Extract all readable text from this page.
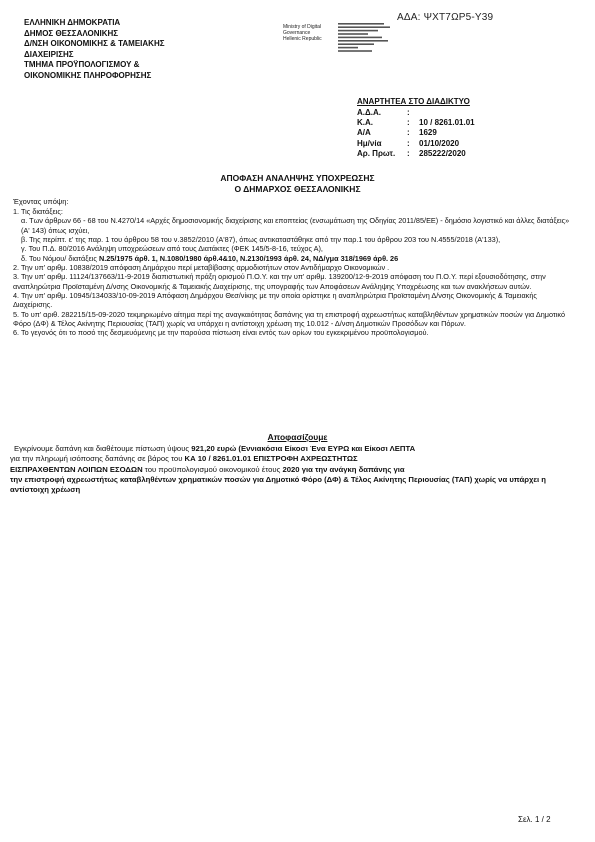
ΑΔΑ: ΨΧΤ7ΩΡ5-Υ39
ΕΛΛΗΝΙΚΗ ΔΗΜΟΚΡΑΤΙΑ
ΔΗΜΟΣ ΘΕΣΣΑΛΟΝΙΚΗΣ
Δ/ΝΣΗ ΟΙΚΟΝΟΜΙΚΗΣ & ΤΑΜΕΙΑΚΗΣ
ΔΙΑΧΕΙΡΙΣΗΣ
ΤΜΗΜΑ ΠΡΟΫΠΟΛΟΓΙΣΜΟΥ &
ΟΙΚΟΝΟΜΙΚΗΣ ΠΛΗΡΟΦΟΡΗΣΗΣ
Ministry of Digital
Governance
Hellenic Republic
ΑΝΑΡΤΗΤΕΑ ΣΤΟ ΔΙΑΔΙΚΤΥΟ
Α.Δ.Α.	:
Κ.Α.	:	10 / 8261.01.01
Α/Α	:	1629
Ημ/νία	:	01/10/2020
Αρ. Πρωτ.	:	285222/2020
ΑΠΟΦΑΣΗ ΑΝΑΛΗΨΗΣ ΥΠΟΧΡΕΩΣΗΣ
Ο ΔΗΜΑΡΧΟΣ ΘΕΣΣΑΛΟΝΙΚΗΣ
Έχοντας υπόψη:

1. Τις διατάξεις:

α. Των άρθρων 66 - 68 του Ν.4270/14 «Αρχές δημοσιονομικής διαχείρισης και εποπτείας (ενσωμάτωση της Οδηγίας 2011/85/ΕΕ) - δημόσιο λογιστικό και άλλες διατάξεις» (Α' 143) όπως ισχύει,

β. Της περίπτ. ε' της παρ. 1 του άρθρου 58 του ν.3852/2010 (Α'87), όπως αντικαταστάθηκε από την παρ.1 του άρθρου 203 του Ν.4555/2018 (Α'133),

γ. Του Π.Δ. 80/2016 Ανάληψη υποχρεώσεων από τους Διατάκτες (ΦΕΚ 145/5-8-16, τεύχος Α),

δ. Του Νόμου/ διατάξεις Ν.25/1975 άρθ. 1, Ν.1080/1980 άρθ.4&10, Ν.2130/1993 άρθ. 24, ΝΔ/γμα 318/1969 άρθ. 26

2. Την υπ' αριθμ. 10838/2019 απόφαση Δημάρχου περί μεταβίβασης αρμοδιοτήτων στον Αντιδήμαρχο Οικονομικών .

3. Την υπ' αριθμ. 11124/137663/11-9-2019 διαπιστωτική πράξη ορισμού Π.Ο.Υ. και την υπ' αριθμ. 139200/12-9-2019 απόφαση του Π.Ο.Υ. περί εξουσιοδότησης, στην αναπληρώτρια Προϊσταμένη Δ/νσης Οικονομικής & Ταμειακής Διαχείρισης, της υπογραφής των Αποφάσεων Ανάληψης Υποχρέωσης και των ανακλήσεων αυτών.

4. Την υπ' αριθμ. 10945/134033/10-09-2019 Απόφαση Δημάρχου Θεσ/νίκης με την οποία ορίστηκε η αναπληρώτρια Προϊσταμένη Δ/νσης Οικονομικής & Ταμειακής Διαχείρισης.

5. Το υπ' αριθ. 282215/15-09-2020 τεκμηριωμένο αίτημα περί της αναγκαιότητας δαπάνης για τη επιστροφή αχρεωστήτως καταβληθέντων χρηματικών ποσών για Δημοτικό Φόρο (ΔΦ) & Τέλος Ακίνητης Περιουσίας (ΤΑΠ) χωρίς να υπάρχει η αντίστοιχη χρέωση της 10.012 - Δ/νση Δημοτικών Προσόδων και Πόρων.

6. Το γεγονός ότι το ποσό της δεσμευόμενης με την παρούσα πίστωση είναι εντός των ορίων του εγκεκριμένου προϋπολογισμού.

Αποφασίζουμε

Εγκρίνουμε δαπάνη και διαθέτουμε πίστωση ύψους 921,20 ευρώ (Εννιακόσια Είκοσι Ένα ΕΥΡΩ και Είκοσι ΛΕΠΤΑ

για την πληρωμή ισόποσης δαπάνης σε βάρος του ΚΑ 10 / 8261.01.01 ΕΠΙΣΤΡΟΦΗ ΑΧΡΕΩΣΤΗΤΩΣ

ΕΙΣΠΡΑΧΘΕΝΤΩΝ ΛΟΙΠΩΝ ΕΣΟΔΩΝ του προϋπολογισμού οικονομικού έτους 2020 για την ανάγκη δαπάνης για

την επιστροφή αχρεωστήτως καταβληθέντων χρηματικών ποσών για Δημοτικό Φόρο (ΔΦ) & Τέλος Ακίνητης Περιουσίας (ΤΑΠ) χωρίς να υπάρχει η αντίστοιχη χρέωση

Σελ. 1 / 2
